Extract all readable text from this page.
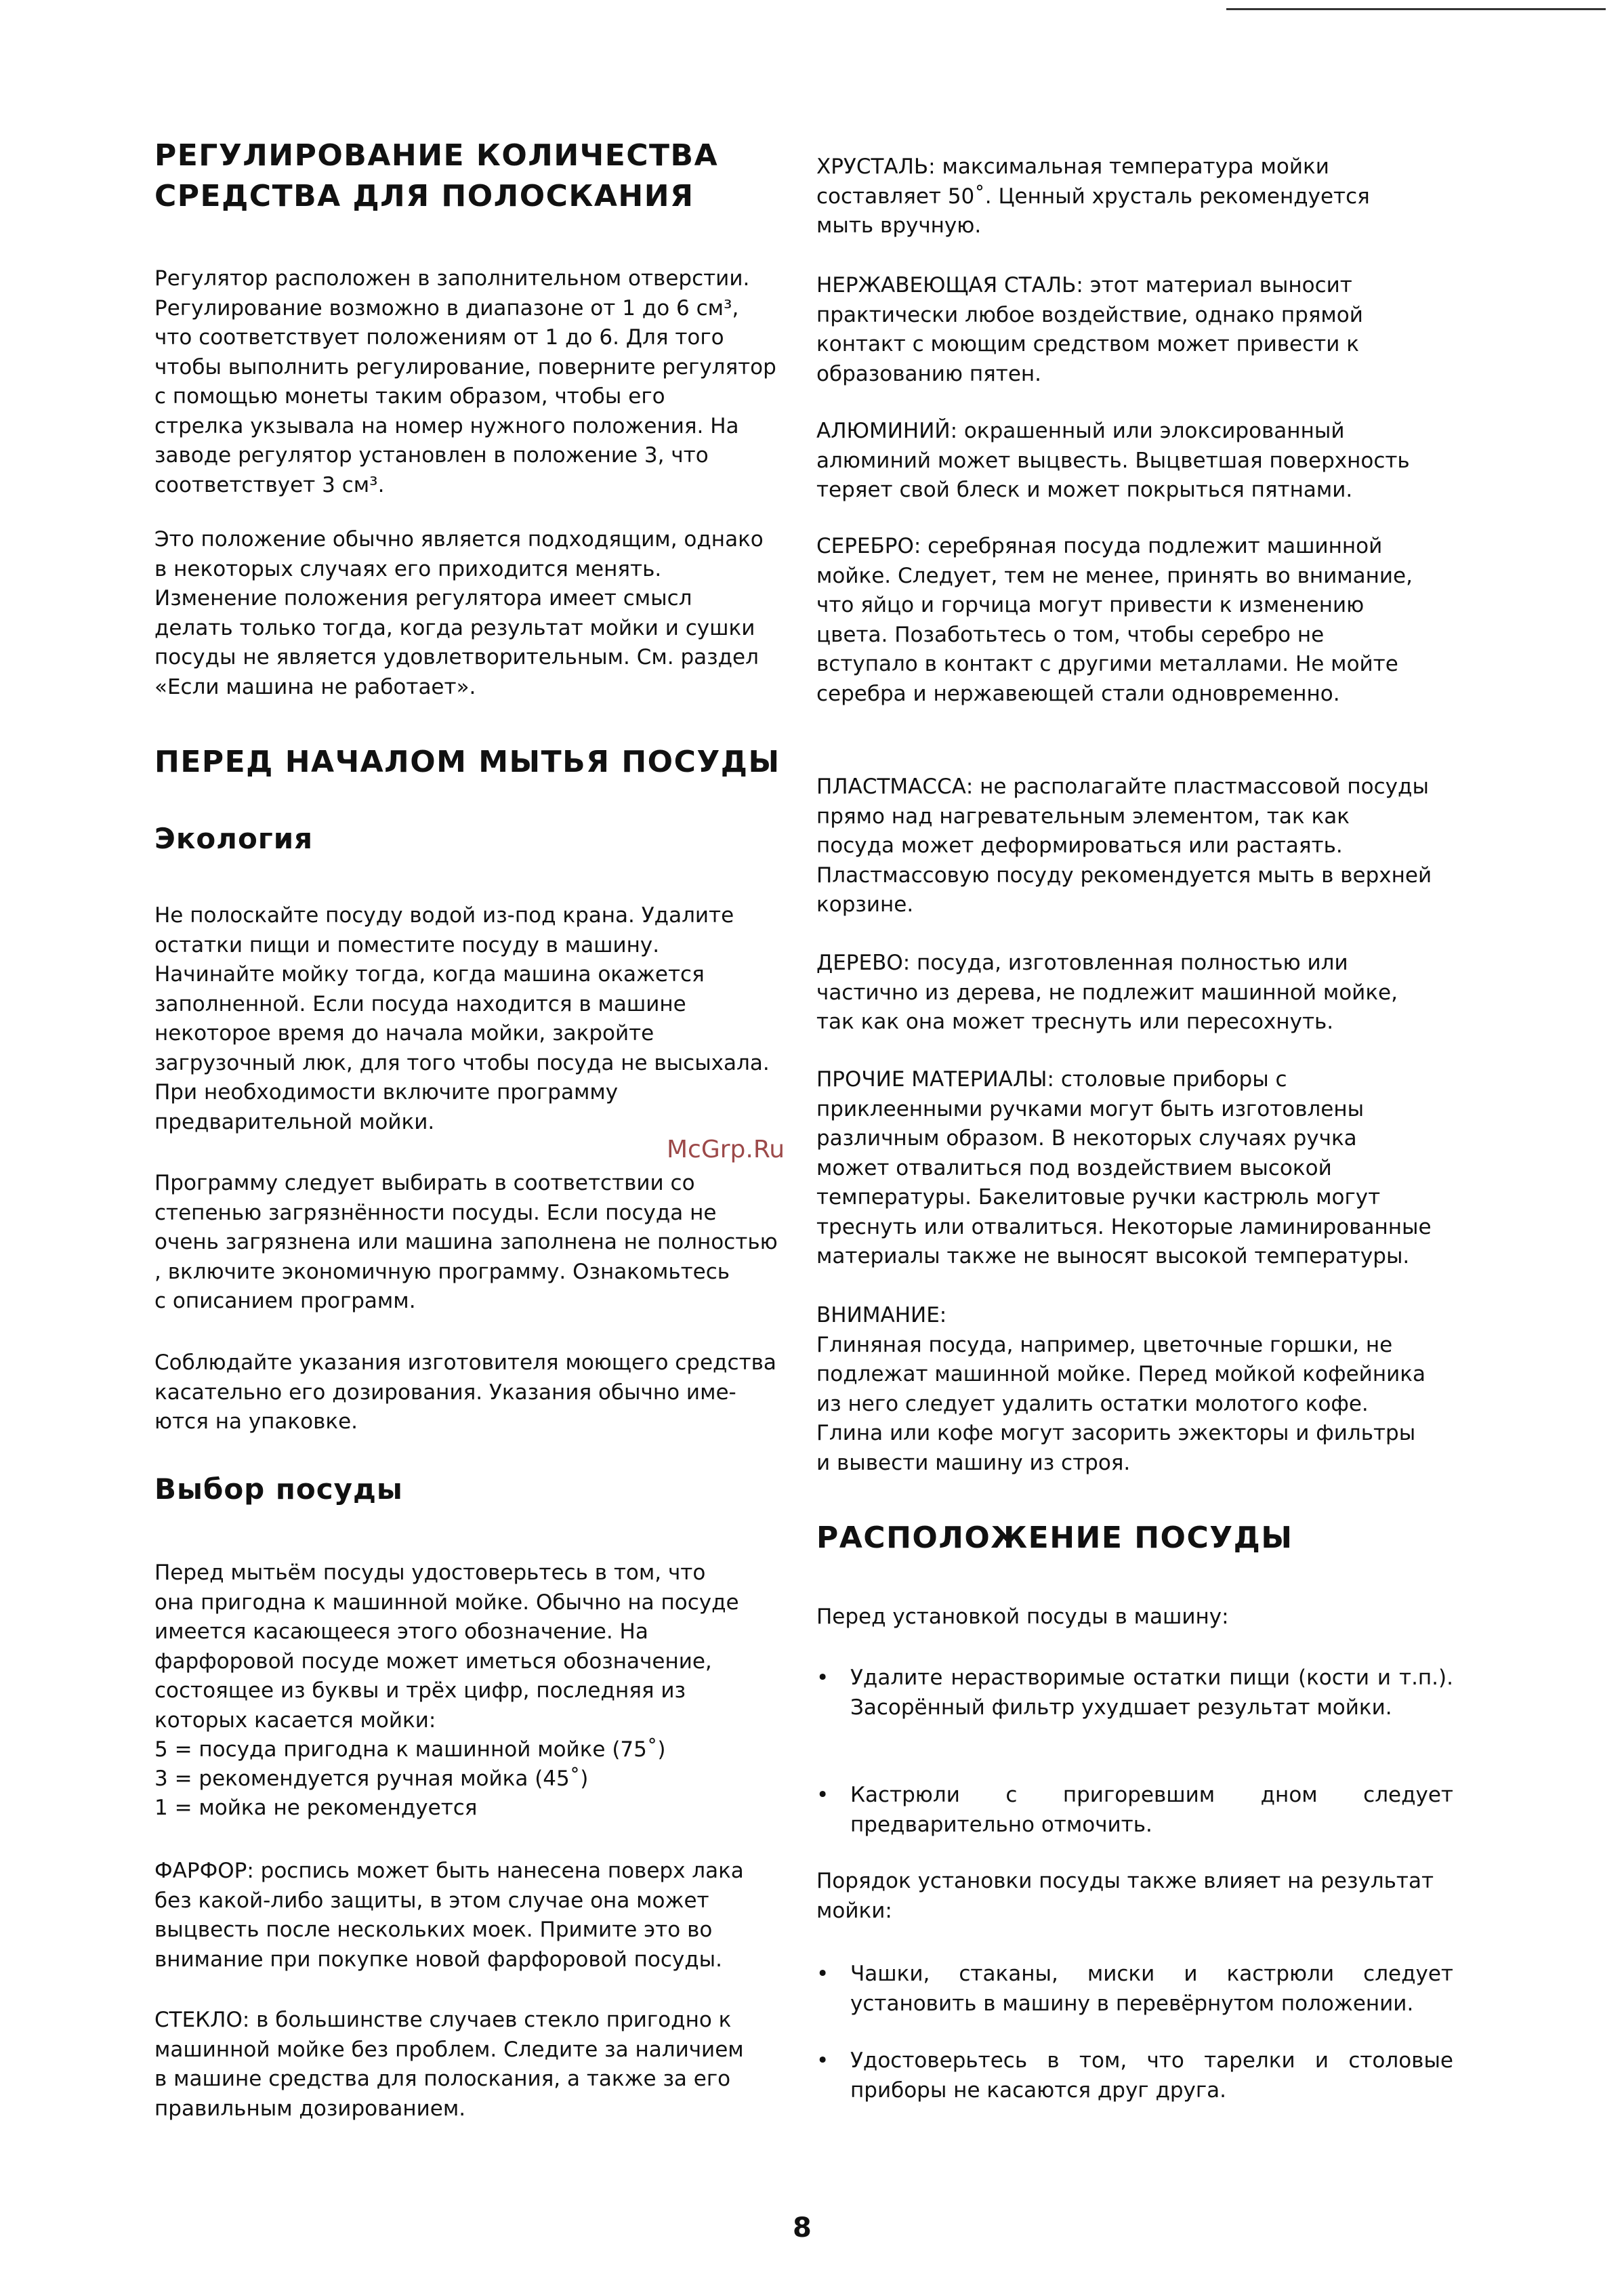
РЕГУЛИРОВАНИЕ КОЛИЧЕСТВА
СРЕДСТВА ДЛЯ ПОЛОСКАНИЯ

Регулятор расположен в заполнительном отверстии.
Регулирование возможно в диапазоне от 1 до 6 см³,
что соответствует положениям от 1 до 6. Для того
чтобы выполнить регулирование, поверните регулятор
с помощью монеты таким образом, чтобы его
стрелка укзывала на номер нужного положения. На
заводе регулятор установлен в положение 3, что
соответствует 3 см³.

Это положение обычно является подходящим, однако
в некоторых случаях его приходится менять.
Изменение положения регулятора имеет смысл
делать только тогда, когда результат мойки и сушки
посуды не является удовлетворительным. См. раздел
«Если машина не работает».

ПЕРЕД НАЧАЛОМ МЫТЬЯ ПОСУДЫ
Экология

Не полоскайте посуду водой из-под крана. Удалите
остатки пищи и поместите посуду в машину.
Начинайте мойку тогда, когда машина окажется
заполненной. Если посуда находится в машине
некоторое время до начала мойки, закройте
загрузочный люк, для того чтобы посуда не высыхала.
При необходимости включите программу
предварительной мойки.

Программу следует выбирать в соответствии со
степенью загрязнённости посуды. Если посуда не
очень загрязнена или машина заполнена не полностью
, включите экономичную программу. Ознакомьтесь
с описанием программ.

Соблюдайте указания изготовителя моющего средства
касательно его дозирования. Указания обычно име-
ются на упаковке.

Выбор посуды

Перед мытьём посуды удостоверьтесь в том, что
она пригодна к машинной мойке. Обычно на посуде
имеется касающееся этого обозначение. На
фарфоровой посуде может иметься обозначение,
состоящее из буквы и трёх цифр, последняя из
которых касается мойки:

5 = посуда пригодна к машинной мойке (75˚)

3 = рекомендуется ручная мойка (45˚)

1 = мойка не рекомендуется

ФАРФОР: роспись может быть нанесена поверх лака
без какой-либо защиты, в этом случае она может
выцвесть после нескольких моек. Примите это во
внимание при покупке новой фарфоровой посуды.

СТЕКЛО: в большинстве случаев стекло пригодно к
машинной мойке без проблем. Следите за наличием
в машине средства для полоскания, а также за его
правильным дозированием.

ХРУСТАЛЬ: максимальная температура мойки
составляет 50˚. Ценный хрусталь рекомендуется
мыть вручную.

НЕРЖАВЕЮЩАЯ СТАЛЬ: этот материал выносит
практически любое воздействие, однако прямой
контакт с моющим средством может привести к
образованию пятен.

АЛЮМИНИЙ: окрашенный или элоксированный
алюминий может выцвесть. Выцветшая поверхность
теряет свой блеск и может покрыться пятнами.

СЕРЕБРО: серебряная посуда подлежит машинной
мойке. Следует, тем не менее, принять во внимание,
что яйцо и горчица могут привести к изменению
цвета. Позаботьтесь о том, чтобы серебро не
вступало в контакт с другими металлами. Не мойте
серебра и нержавеющей стали одновременно.

ПЛАСТМАССА: не располагайте пластмассовой посуды
прямо над нагревательным элементом, так как
посуда может деформироваться или растаять.
Пластмассовую посуду рекомендуется мыть в верхней
корзине.

ДЕРЕВО: посуда, изготовленная полностью или
частично из дерева, не подлежит машинной мойке,
так как она может треснуть или пересохнуть.

ПРОЧИЕ МАТЕРИАЛЫ: столовые приборы с
приклеенными ручками могут быть изготовлены
различным образом. В некоторых случаях ручка
может отвалиться под воздействием высокой
температуры. Бакелитовые ручки кастрюль могут
треснуть или отвалиться. Некоторые ламинированные
материалы также не выносят высокой температуры.

ВНИМАНИЕ:
Глиняная посуда, например, цветочные горшки, не
подлежат машинной мойке. Перед мойкой кофейника
из него следует удалить остатки молотого кофе.
Глина или кофе могут засорить эжекторы и фильтры
и вывести машину из строя.

РАСПОЛОЖЕНИЕ ПОСУДЫ

Перед установкой посуды в машину:

•	Удалите нерастворимые остатки пищи (кости и т.п.). Засорённый фильтр ухудшает результат мойки.
•	Кастрюли с пригоревшим дном следует предварительно отмочить.

Порядок установки посуды также влияет на результат
мойки:

•	Чашки, стаканы, миски и кастрюли следует установить в машину в перевёрнутом положении.
•	Удостоверьтесь в том, что тарелки и столовые приборы не касаются друг друга.
McGrp.Ru
8
